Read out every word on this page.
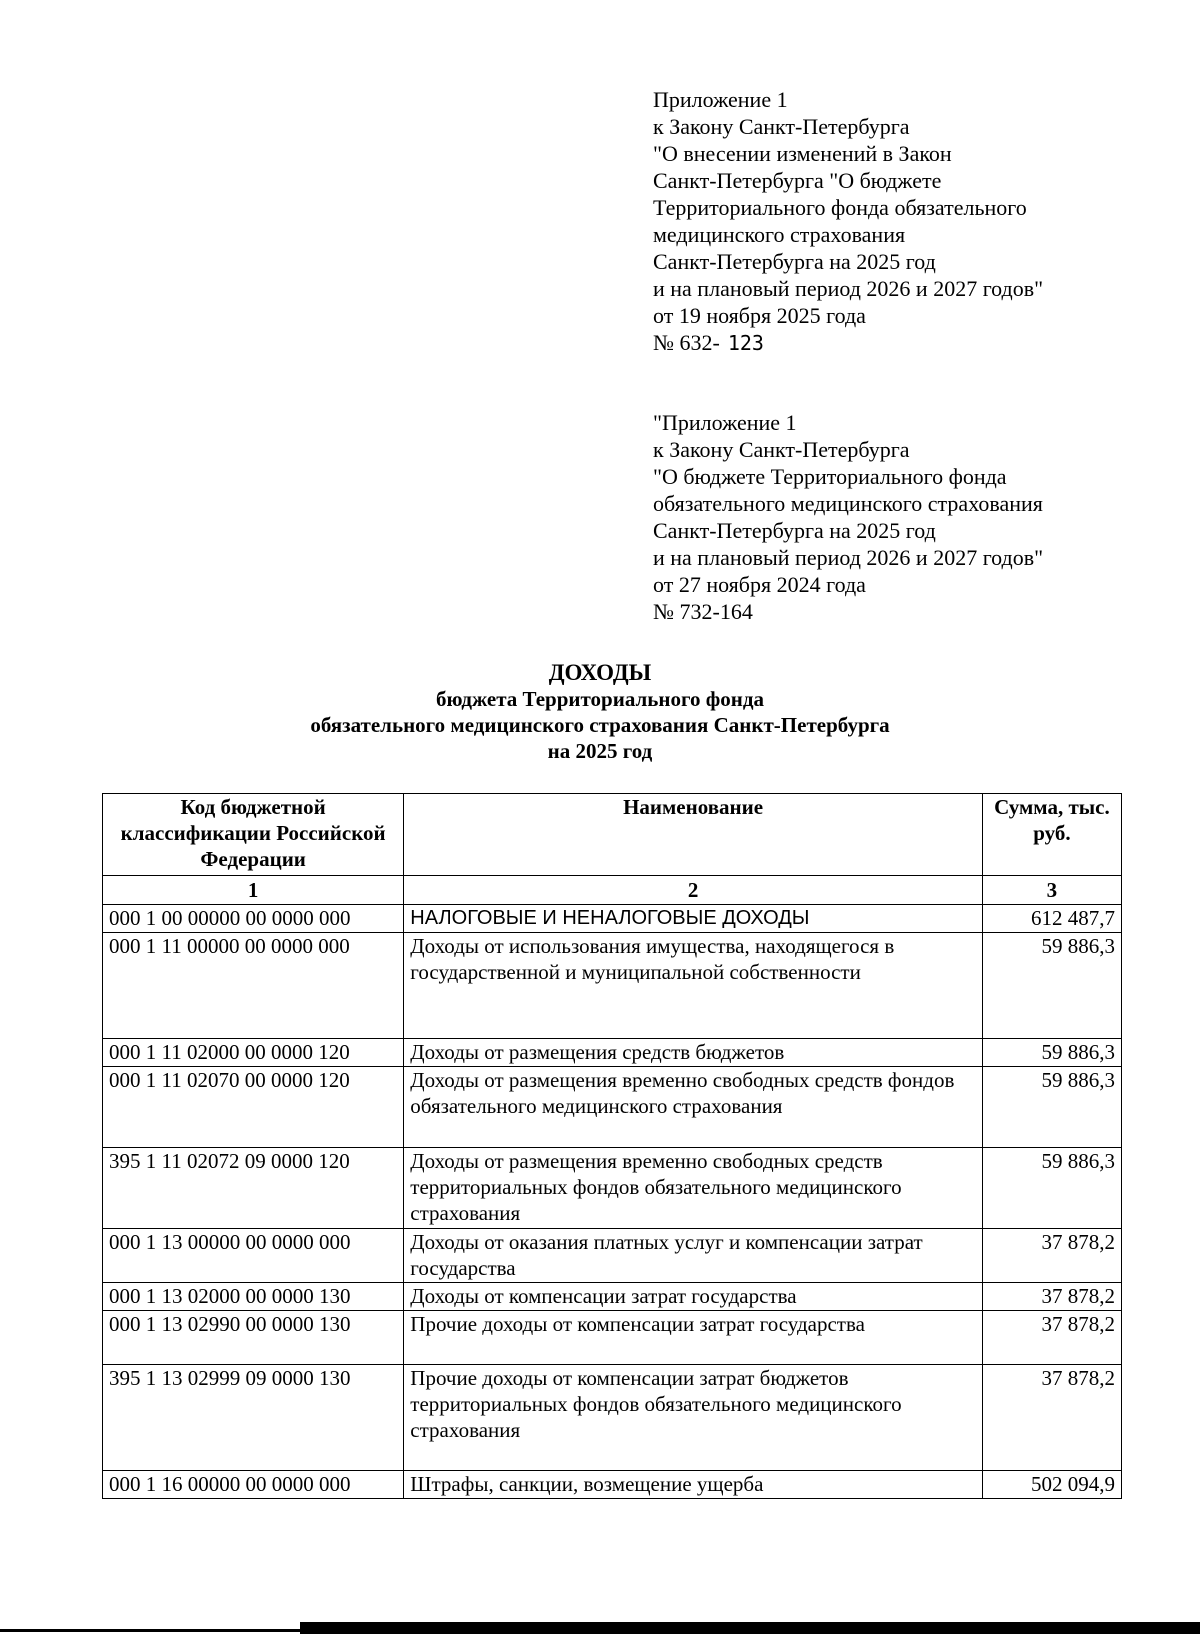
Приложение 1
к Закону Санкт-Петербурга
"О внесении изменений в Закон
Санкт-Петербурга "О бюджете
Территориального фонда обязательного
медицинского страхования
Санкт-Петербурга на 2025 год
и на плановый период 2026 и 2027 годов"
от 19 ноября 2025 года
№ 632- 123
"Приложение 1
к Закону Санкт-Петербурга
"О бюджете Территориального фонда
обязательного медицинского страхования
Санкт-Петербурга на 2025 год
и на плановый период 2026 и 2027 годов"
от 27 ноября 2024 года
№ 732-164
ДОХОДЫ
бюджета Территориального фонда
обязательного медицинского страхования Санкт-Петербурга
на 2025 год
Код бюджетной классификации Российской Федерации	Наименование	Сумма, тыс. руб.
1	2	3
000 1 00 00000 00 0000 000	НАЛОГОВЫЕ И НЕНАЛОГОВЫЕ ДОХОДЫ	612 487,7
000 1 11 00000 00 0000 000	Доходы от использования имущества, находящегося в государственной и муниципальной собственности	59 886,3
000 1 11 02000 00 0000 120	Доходы от размещения средств бюджетов	59 886,3
000 1 11 02070 00 0000 120	Доходы от размещения временно свободных средств фондов обязательного медицинского страхования	59 886,3
395 1 11 02072 09 0000 120	Доходы от размещения временно свободных средств территориальных фондов обязательного медицинского страхования	59 886,3
000 1 13 00000 00 0000 000	Доходы от оказания платных услуг и компенсации затрат государства	37 878,2
000 1 13 02000 00 0000 130	Доходы от компенсации затрат государства	37 878,2
000 1 13 02990 00 0000 130	Прочие доходы от компенсации затрат государства	37 878,2
395 1 13 02999 09 0000 130	Прочие доходы от компенсации затрат бюджетов территориальных фондов обязательного медицинского страхования	37 878,2
000 1 16 00000 00 0000 000	Штрафы, санкции, возмещение ущерба	502 094,9
